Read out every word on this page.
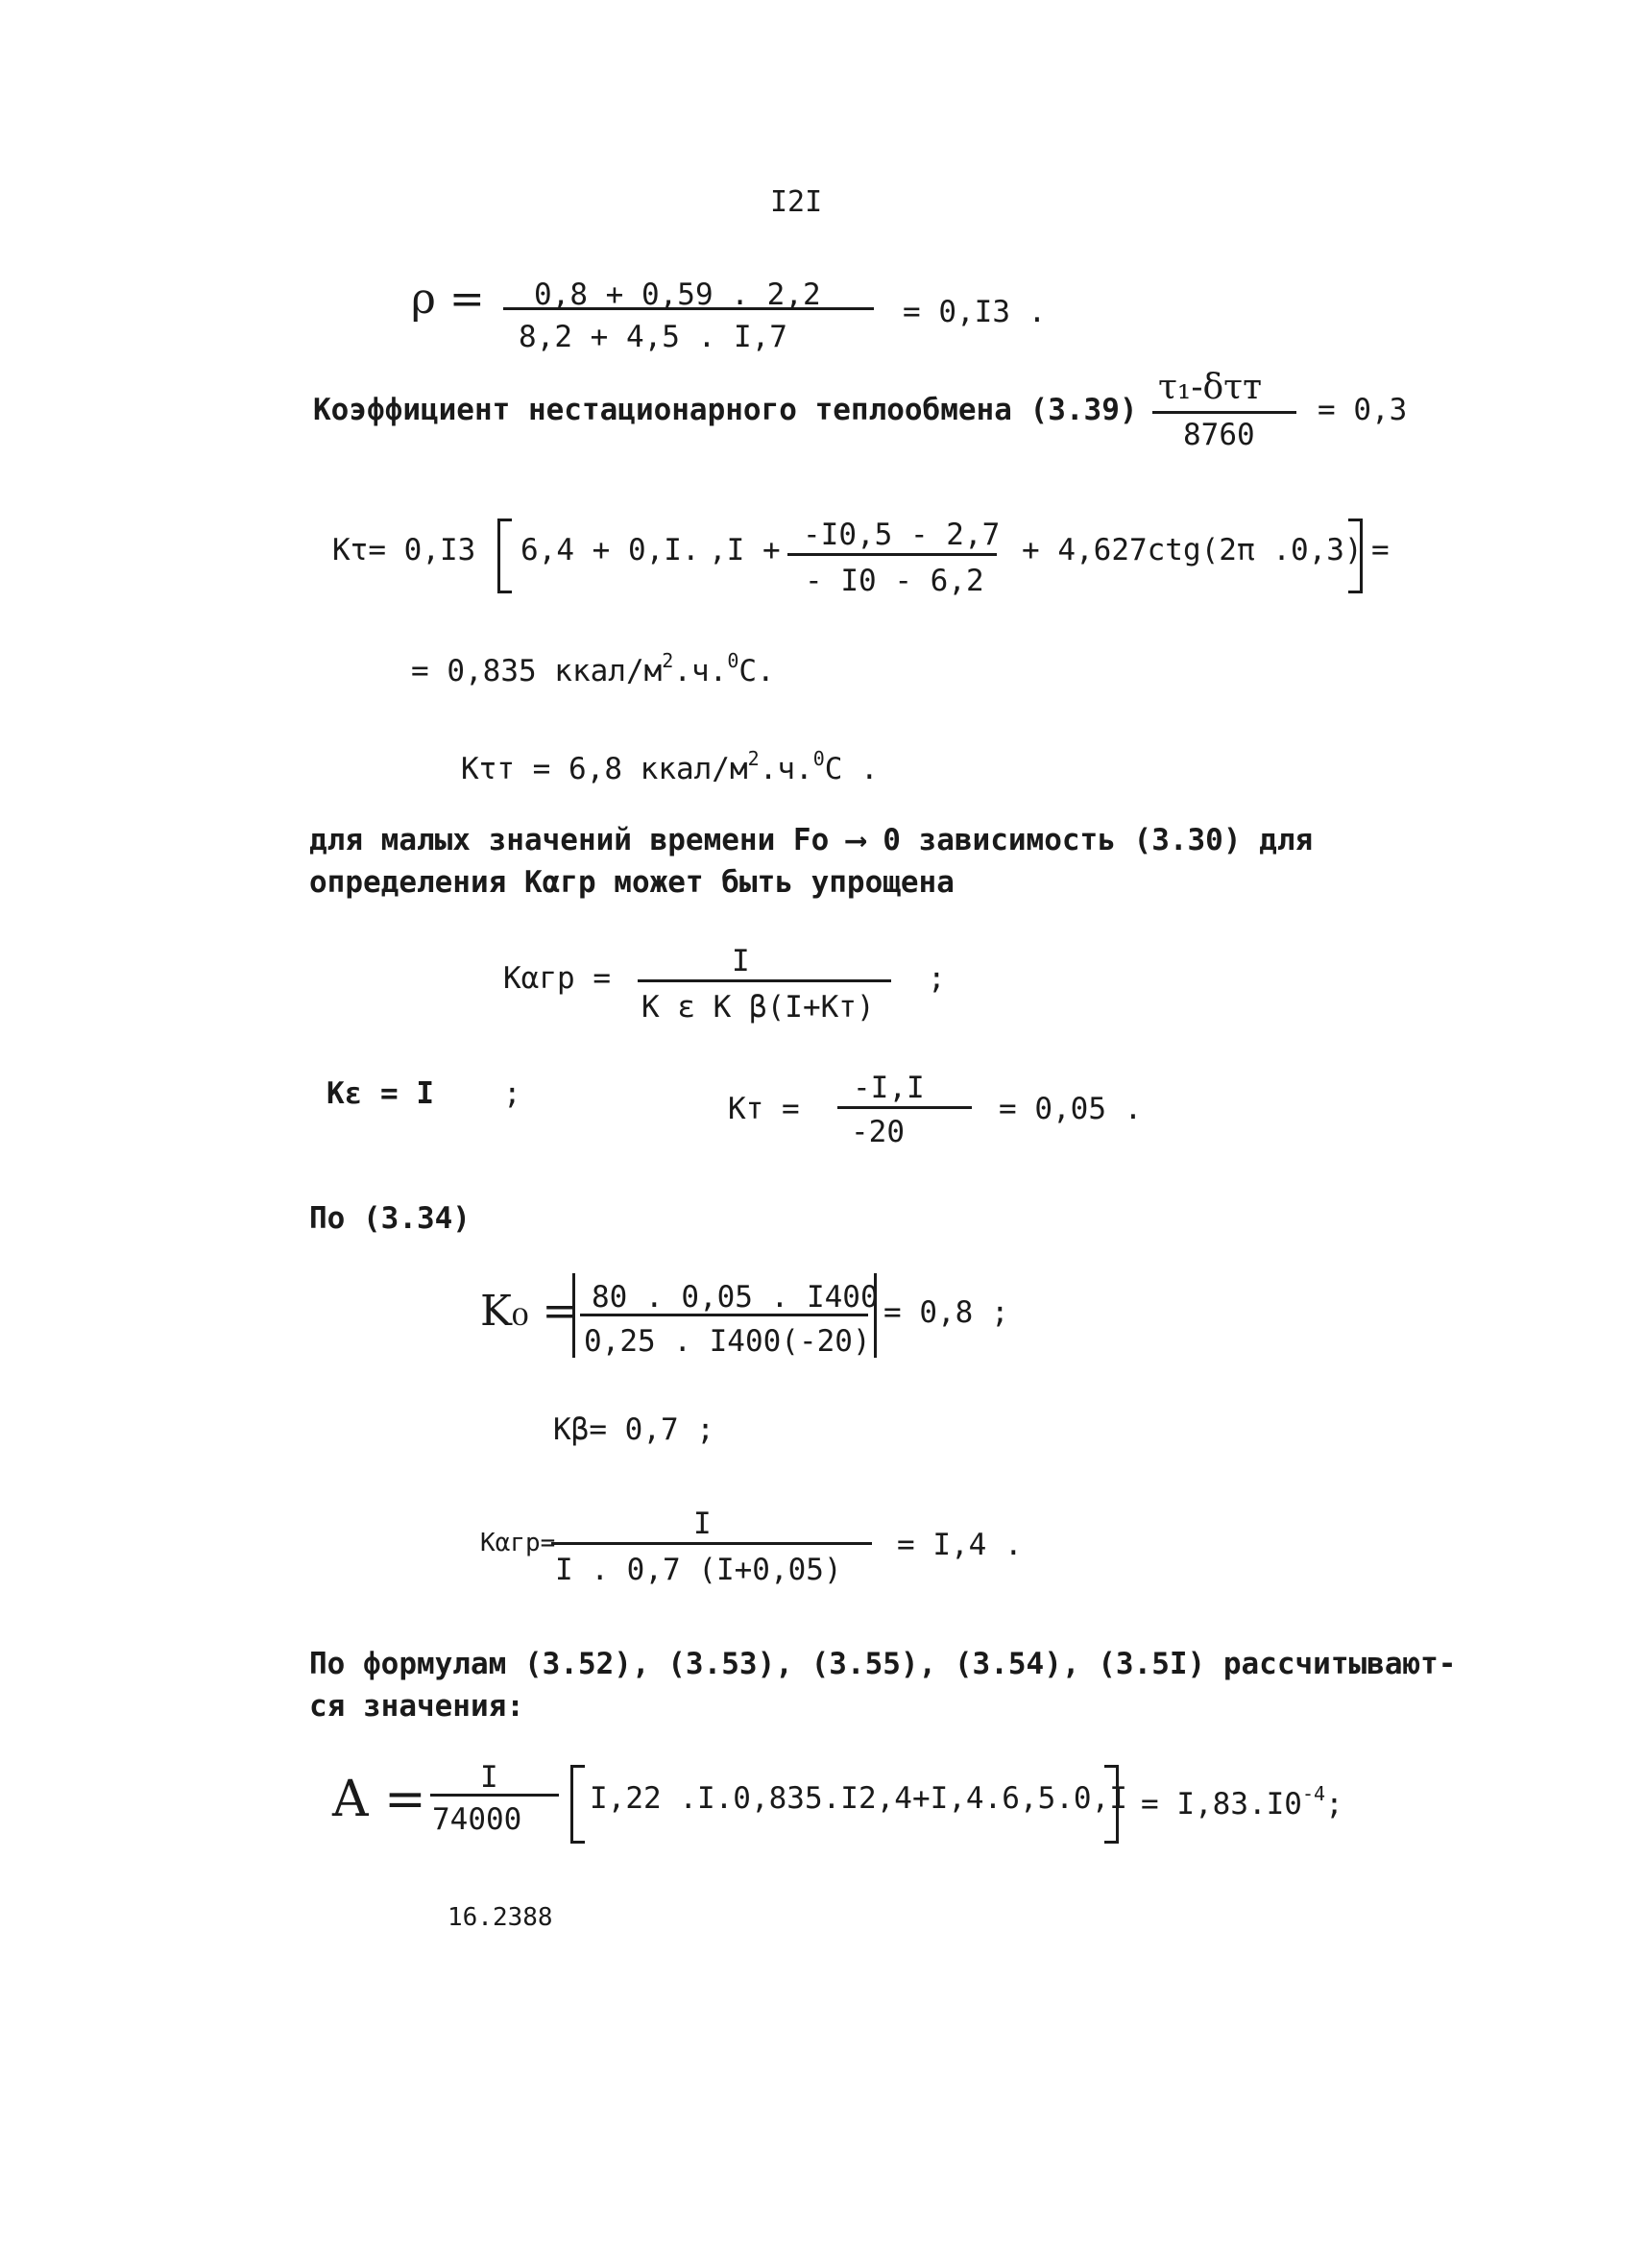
I2I
ρ = 0,8 + 0,59 . 2,2
8,2 + 4,5 . I,7
= 0,I3 .
Коэффициент нестационарного теплообмена (3.39)
τ₁-δτт
8760
= 0,3
Kτ= 0,I3 6,4 + 0,I. ,I + -I0,5 - 2,7
- I0 - 6,2
+ 4,627ctg(2π .0,3) =
= 0,835 ккал/$м^2.ч.^0С$.
Kτт = 6,8 ккал/$м^2.ч.^0С$ .
для малых значений времени Fo ⟶ 0 зависимость (3.30) для
определения Kαгр может быть упрощена
Kαгр =	I
K ε K β(I+Kт)
;
Kε = I ;	Kт =
-I,I
-20
= 0,05 .
По (3.34)
K₀ = 80 . 0,05 . I400
0,25 . I400(-20)
= 0,8 ;
Kβ= 0,7 ;
Kαгр=
I
I . 0,7 (I+0,05)
= I,4 .
По формулам (3.52), (3.53), (3.55), (3.54), (3.5I) рассчитывают-
ся значения:
A = I
74000
I,22 $.I.0,835.I2,4+I,4.6,5.0,I = I,83.I0^{-4}$;
16.2388
